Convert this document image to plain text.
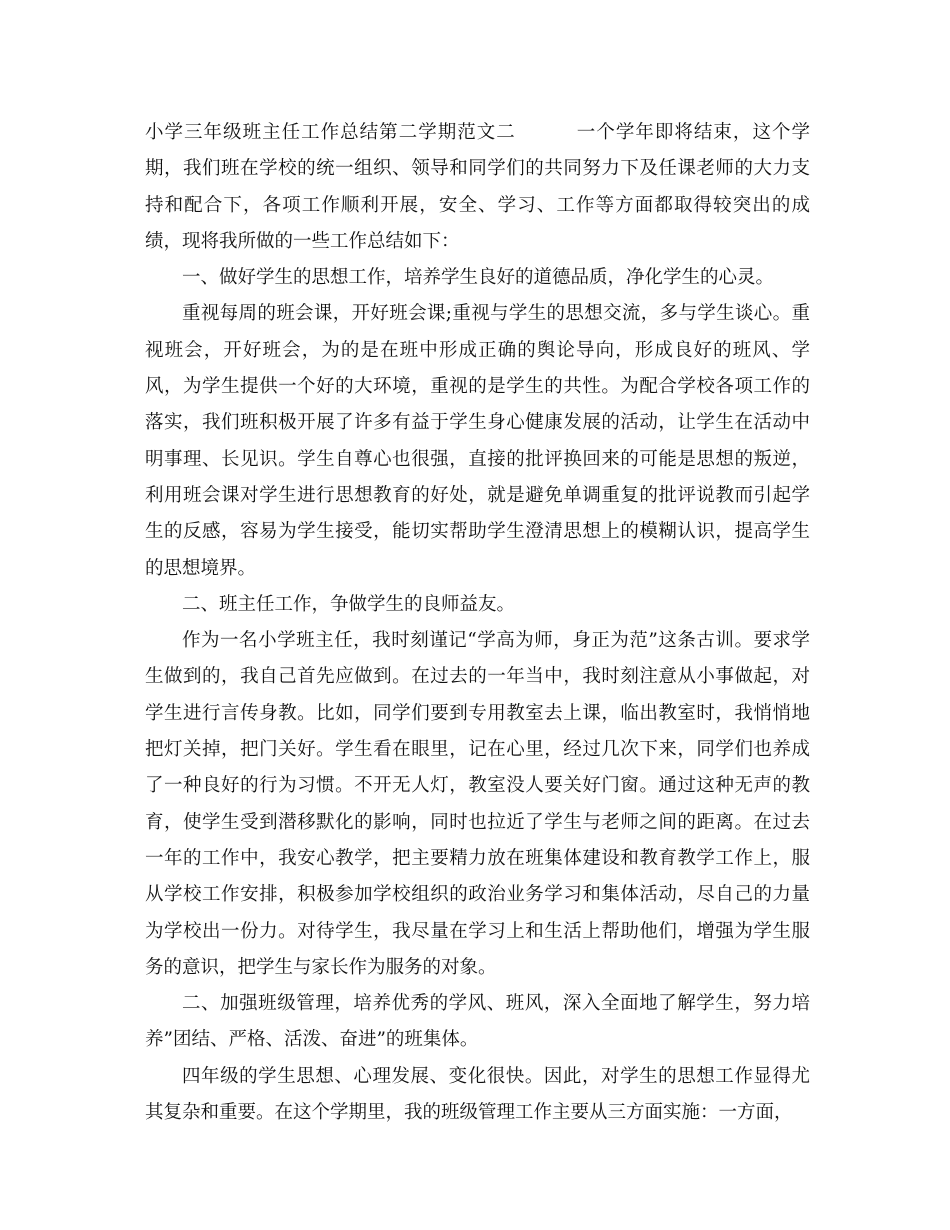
小学三年级班主任工作总结第二学期范文二	一个学年即将结束，这个学期，我们班在学校的统一组织、领导和同学们的共同努力下及任课老师的大力支持和配合下，各项工作顺利开展，安全、学习、工作等方面都取得较突出的成绩，现将我所做的一些工作总结如下：

一、做好学生的思想工作，培养学生良好的道德品质，净化学生的心灵。

重视每周的班会课，开好班会课;重视与学生的思想交流，多与学生谈心。重视班会，开好班会，为的是在班中形成正确的舆论导向，形成良好的班风、学风，为学生提供一个好的大环境，重视的是学生的共性。为配合学校各项工作的落实，我们班积极开展了许多有益于学生身心健康发展的活动，让学生在活动中明事理、长见识。学生自尊心也很强，直接的批评换回来的可能是思想的叛逆，利用班会课对学生进行思想教育的好处，就是避免单调重复的批评说教而引起学生的反感，容易为学生接受，能切实帮助学生澄清思想上的模糊认识，提高学生的思想境界。

二、班主任工作，争做学生的良师益友。

作为一名小学班主任，我时刻谨记“学高为师，身正为范”这条古训。要求学生做到的，我自己首先应做到。在过去的一年当中，我时刻注意从小事做起，对学生进行言传身教。比如，同学们要到专用教室去上课，临出教室时，我悄悄地把灯关掉，把门关好。学生看在眼里，记在心里，经过几次下来，同学们也养成了一种良好的行为习惯。不开无人灯，教室没人要关好门窗。通过这种无声的教育，使学生受到潜移默化的影响，同时也拉近了学生与老师之间的距离。在过去一年的工作中，我安心教学，把主要精力放在班集体建设和教育教学工作上，服从学校工作安排，积极参加学校组织的政治业务学习和集体活动，尽自己的力量为学校出一份力。对待学生，我尽量在学习上和生活上帮助他们，增强为学生服务的意识，把学生与家长作为服务的对象。

二、加强班级管理，培养优秀的学风、班风，深入全面地了解学生，努力培养”团结、严格、活泼、奋进”的班集体。

四年级的学生思想、心理发展、变化很快。因此，对学生的思想工作显得尤其复杂和重要。在这个学期里，我的班级管理工作主要从三方面实施：一方面，
